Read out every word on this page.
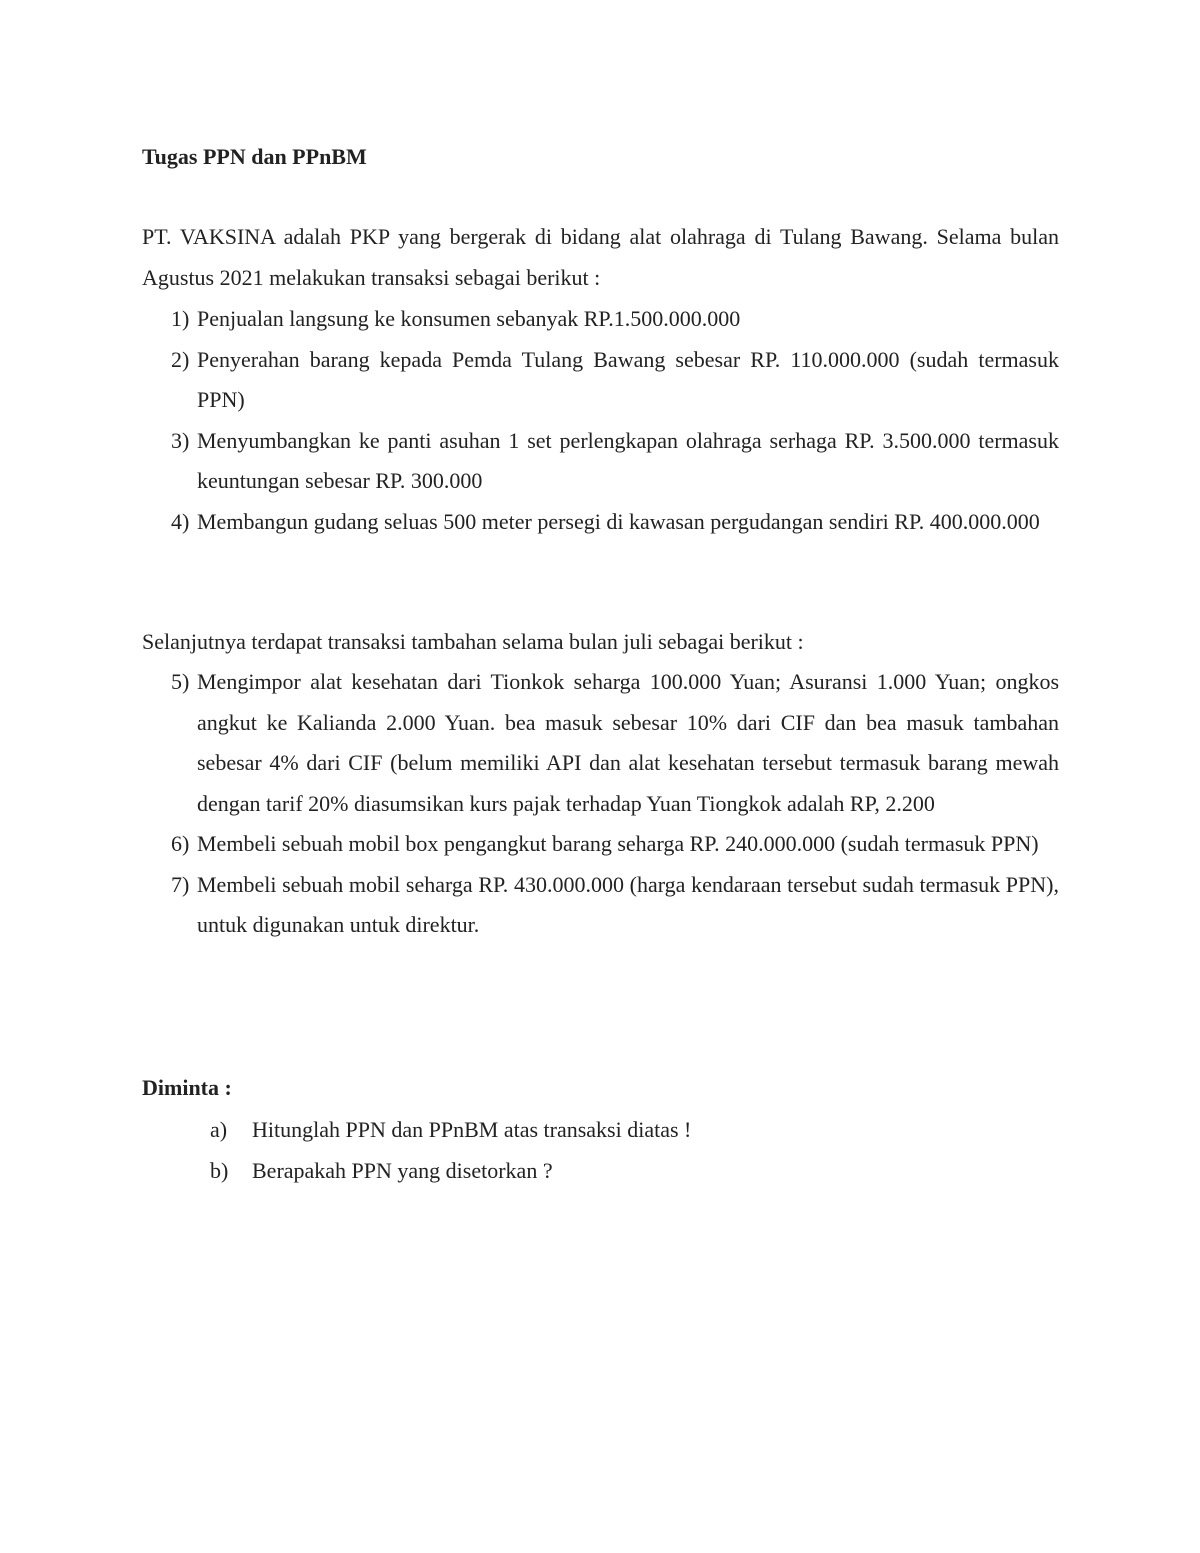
Tugas PPN dan PPnBM

PT. VAKSINA adalah PKP yang bergerak di bidang alat olahraga di Tulang Bawang. Selama bulan Agustus 2021 melakukan transaksi sebagai berikut :

1) Penjualan langsung ke konsumen sebanyak RP.1.500.000.000
2) Penyerahan barang kepada Pemda Tulang Bawang sebesar RP. 110.000.000 (sudah termasuk PPN)
3) Menyumbangkan ke panti asuhan 1 set perlengkapan olahraga serhaga RP. 3.500.000 termasuk keuntungan sebesar RP. 300.000
4) Membangun gudang seluas 500 meter persegi di kawasan pergudangan sendiri RP. 400.000.000

Selanjutnya terdapat transaksi tambahan selama bulan juli sebagai berikut :

5) Mengimpor alat kesehatan dari Tionkok seharga 100.000 Yuan; Asuransi 1.000 Yuan; ongkos angkut ke Kalianda 2.000 Yuan. bea masuk sebesar 10% dari CIF dan bea masuk tambahan sebesar 4% dari CIF (belum memiliki API dan alat kesehatan tersebut termasuk barang mewah dengan tarif 20% diasumsikan kurs pajak terhadap Yuan Tiongkok adalah RP, 2.200
6) Membeli sebuah mobil box pengangkut barang seharga RP. 240.000.000 (sudah termasuk PPN)
7) Membeli sebuah mobil seharga RP. 430.000.000 (harga kendaraan tersebut sudah termasuk PPN), untuk digunakan untuk direktur.
Diminta :
a) Hitunglah PPN dan PPnBM atas transaksi diatas !
b) Berapakah PPN yang disetorkan ?
